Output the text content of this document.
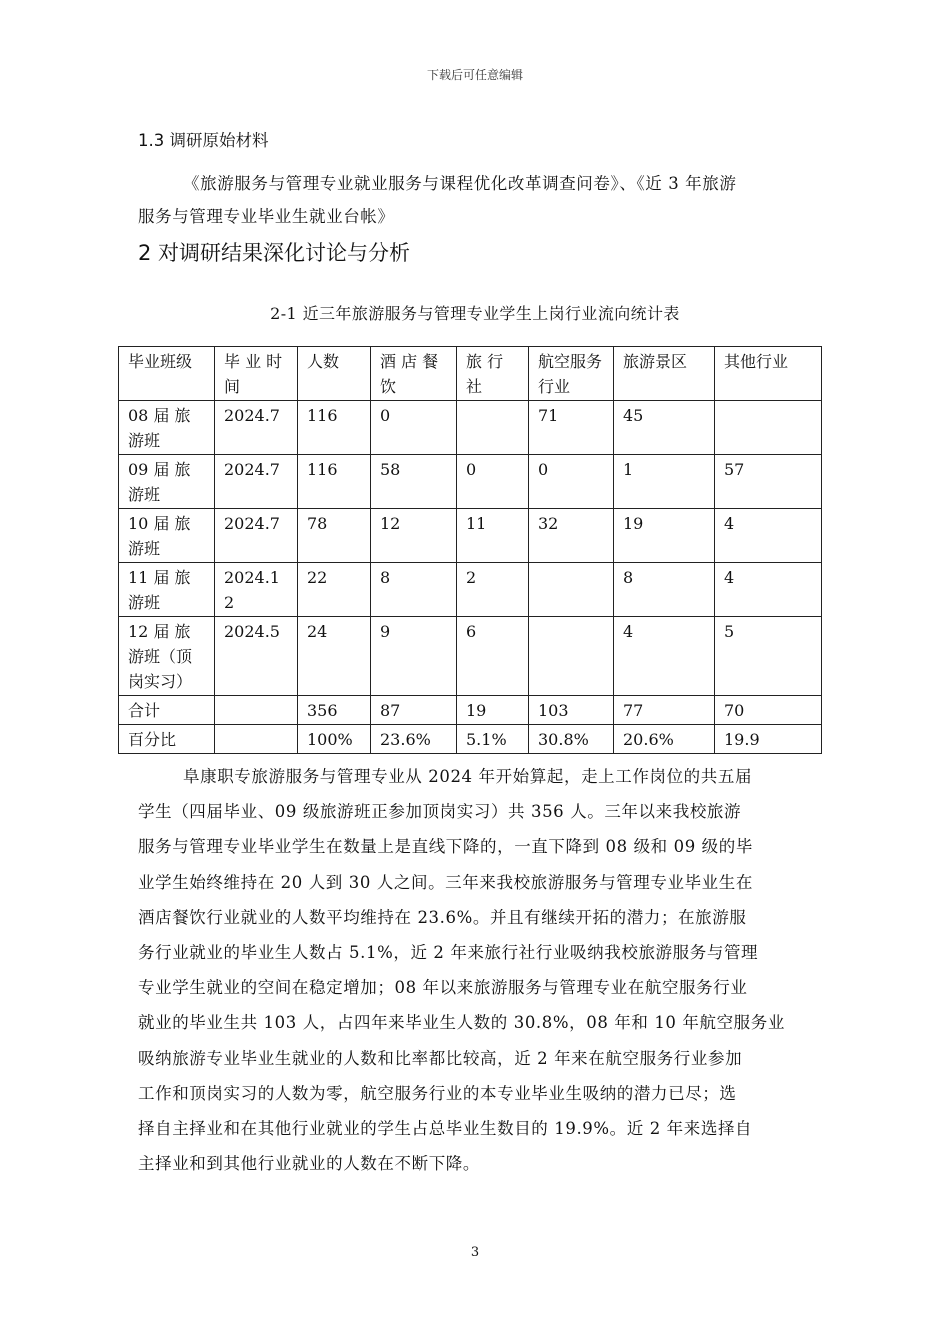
下载后可任意编辑
1.3 调研原始材料
《旅游服务与管理专业就业服务与课程优化改革调查问卷》、《近 3 年旅游
服务与管理专业毕业生就业台帐》
2 对调研结果深化讨论与分析
2-1 近三年旅游服务与管理专业学生上岗行业流向统计表
毕业班级	毕 业 时 间	人数	酒 店 餐 饮	旅 行 社	航空服务行业	旅游景区	其他行业
08 届 旅 游班	2024.7	116	0		71	45	
09 届 旅 游班	2024.7	116	58	0	0	1	57
10 届 旅 游班	2024.7	78	12	11	32	19	4
11 届 旅 游班	2024.12	22	8	2		8	4
12 届 旅 游班（顶岗实习）	2024.5	24	9	6		4	5
合计		356	87	19	103	77	70
百分比		100%	23.6%	5.1%	30.8%	20.6%	19.9
阜康职专旅游服务与管理专业从 2024 年开始算起，走上工作岗位的共五届
学生（四届毕业、09 级旅游班正参加顶岗实习）共 356 人。三年以来我校旅游
服务与管理专业毕业学生在数量上是直线下降的，一直下降到 08 级和 09 级的毕
业学生始终维持在 20 人到 30 人之间。三年来我校旅游服务与管理专业毕业生在
酒店餐饮行业就业的人数平均维持在 23.6%。并且有继续开拓的潜力；在旅游服
务行业就业的毕业生人数占 5.1%，近 2 年来旅行社行业吸纳我校旅游服务与管理
专业学生就业的空间在稳定增加；08 年以来旅游服务与管理专业在航空服务行业
就业的毕业生共 103 人，占四年来毕业生人数的 30.8%，08 年和 10 年航空服务业
吸纳旅游专业毕业生就业的人数和比率都比较高，近 2 年来在航空服务行业参加
工作和顶岗实习的人数为零，航空服务行业的本专业毕业生吸纳的潜力已尽；选
择自主择业和在其他行业就业的学生占总毕业生数目的 19.9%。近 2 年来选择自
主择业和到其他行业就业的人数在不断下降。
3
